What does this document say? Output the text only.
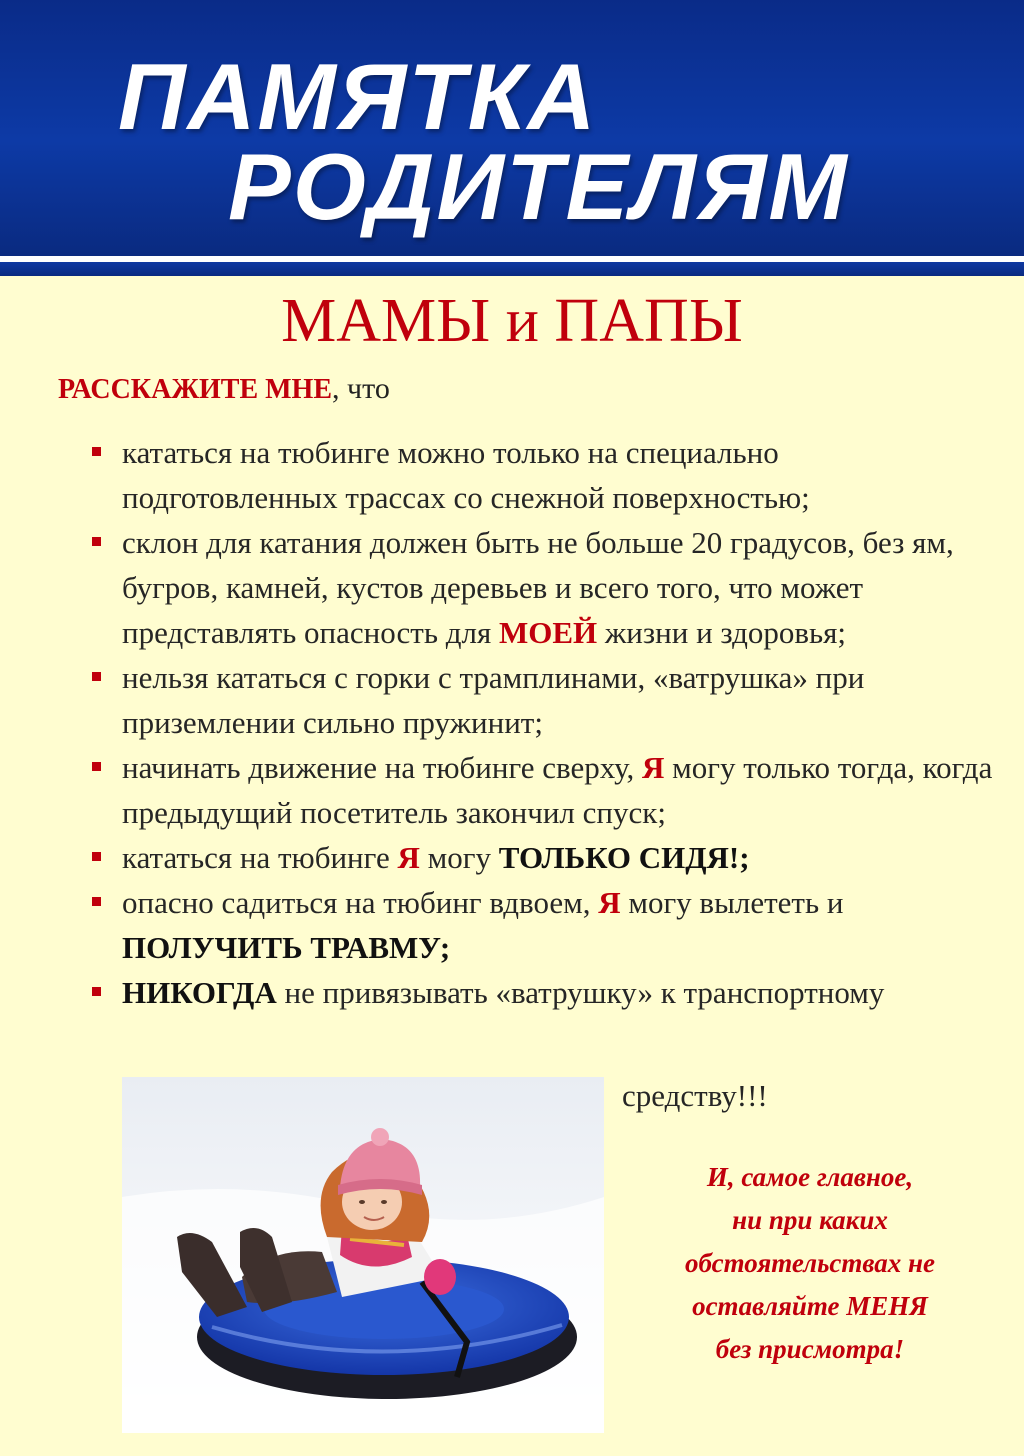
ПАМЯТКА
РОДИТЕЛЯМ
МАМЫ и ПАПЫ
РАССКАЖИТЕ МНЕ, что
кататься на тюбинге можно только на специально подготовленных трассах со снежной поверхностью;
склон для катания должен быть не больше 20 градусов, без ям, бугров, камней, кустов деревьев и всего того, что может представлять опасность для МОЕЙ жизни и здоровья;
нельзя кататься с горки с трамплинами, «ватрушка» при приземлении сильно пружинит;
начинать движение на тюбинге сверху, Я могу только тогда, когда предыдущий посетитель закончил спуск;
кататься на тюбинге Я могу ТОЛЬКО СИДЯ!;
опасно садиться на тюбинг вдвоем, Я могу вылететь и ПОЛУЧИТЬ ТРАВМУ;
НИКОГДА не привязывать «ватрушку» к транспортному
средству!!!
И, самое главное,
ни при каких
обстоятельствах не
оставляйте МЕНЯ
без присмотра!
